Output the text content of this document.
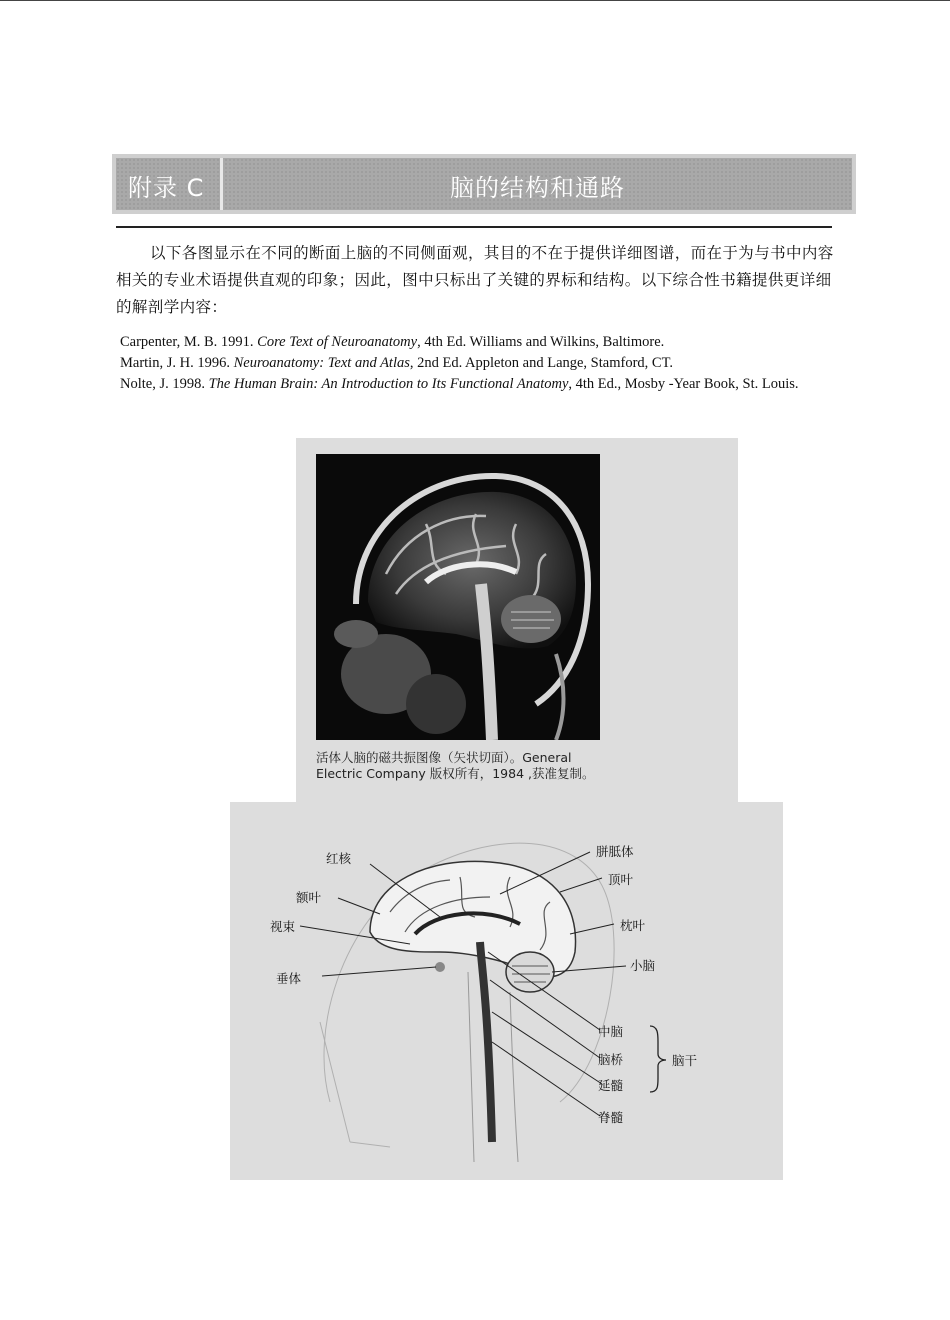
附录 C	脑的结构和通路

以下各图显示在不同的断面上脑的不同侧面观，其目的不在于提供详细图谱，而在于为与书中内容相关的专业术语提供直观的印象；因此，图中只标出了关键的界标和结构。以下综合性书籍提供更详细的解剖学内容：

Carpenter, M. B. 1991. Core Text of Neuroanatomy, 4th Ed. Williams and Wilkins, Baltimore.
Martin, J. H. 1996. Neuroanatomy: Text and Atlas, 2nd Ed. Appleton and Lange, Stamford, CT.
Nolte, J. 1998. The Human Brain: An Introduction to Its Functional Anatomy, 4th Ed., Mosby -Year Book, St. Louis.
活体人脑的磁共振图像（矢状切面）。General
Electric Company 版权所有，1984 ,获准复制。
红核
额叶
视束
垂体
胼胝体
顶叶
枕叶
小脑
中脑
脑桥
延髓
脊髓
脑干
